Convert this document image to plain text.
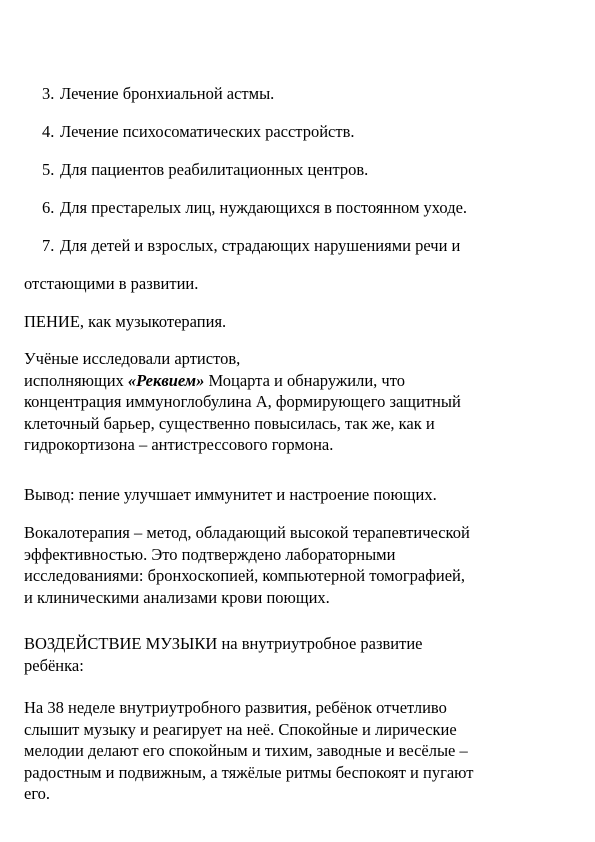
3. Лечение бронхиальной астмы.
4. Лечение психосоматических расстройств.
5. Для пациентов реабилитационных центров.
6. Для престарелых лиц, нуждающихся в постоянном уходе.
7. Для детей и взрослых, страдающих нарушениями речи и
отстающими в развитии.
ПЕНИЕ, как музыкотерапия.
Учёные исследовали артистов,
исполняющих «Реквием» Моцарта и обнаружили, что
концентрация иммуноглобулина А, формирующего защитный
клеточный барьер, существенно повысилась, так же, как и
гидрокортизона – антистрессового гормона.
Вывод: пение улучшает иммунитет и настроение поющих.
Вокалотерапия – метод, обладающий высокой терапевтической
эффективностью. Это подтверждено лабораторными
исследованиями: бронхоскопией, компьютерной томографией,
и клиническими анализами крови поющих.
ВОЗДЕЙСТВИЕ МУЗЫКИ на внутриутробное развитие
ребёнка:
На 38 неделе внутриутробного развития, ребёнок отчетливо
слышит музыку и реагирует на неё. Спокойные и лирические
мелодии делают его спокойным и тихим, заводные и весёлые –
радостным и подвижным, а тяжёлые ритмы беспокоят и пугают
его.
